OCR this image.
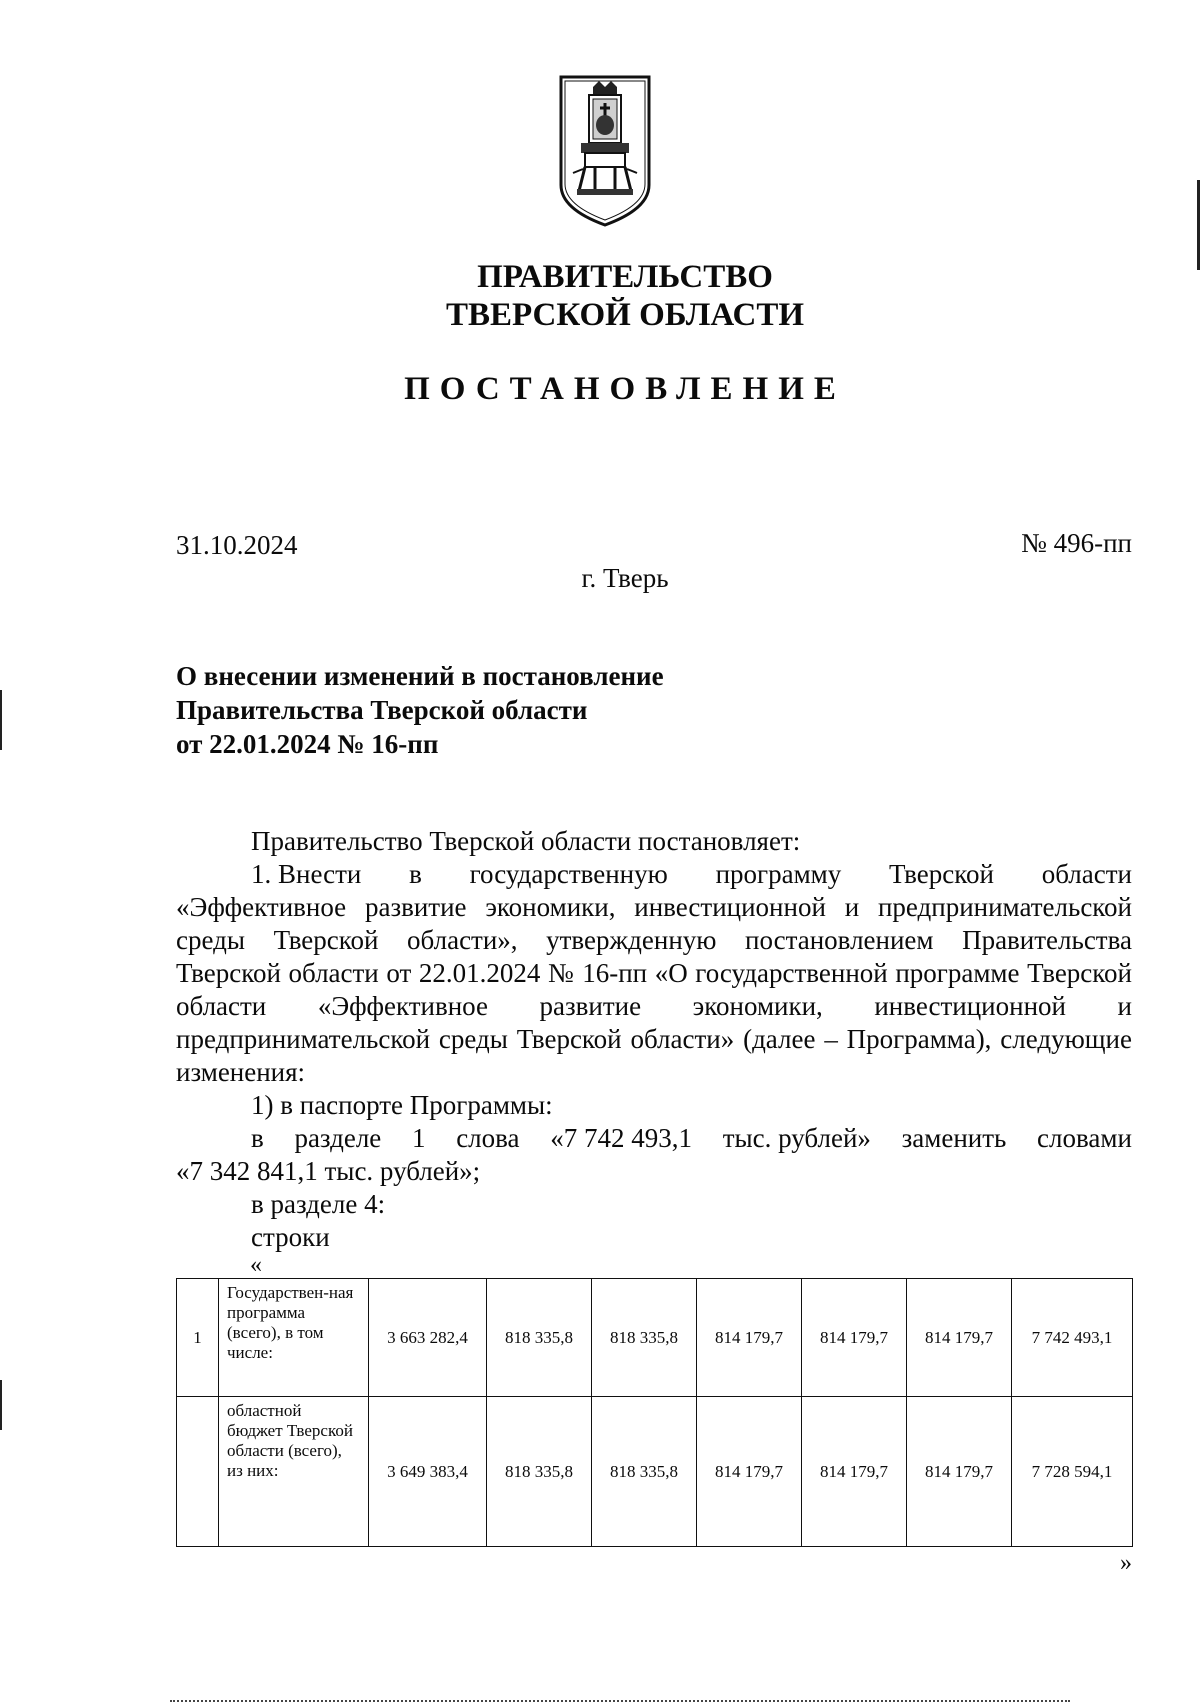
ПРАВИТЕЛЬСТВО
ТВЕРСКОЙ ОБЛАСТИ
ПОСТАНОВЛЕНИЕ
31.10.2024	№ 496-пп
г. Тверь
О внесении изменений в постановление
Правительства Тверской области
от 22.01.2024 № 16-пп

Правительство Тверской области постановляет:

1. Внести в государственную программу Тверской области

«Эффективное развитие экономики, инвестиционной и предпринимательской среды Тверской области», утвержденную постановлением Правительства Тверской области от 22.01.2024 № 16-пп «О государственной программе Тверской области «Эффективное развитие экономики, инвестиционной и предпринимательской среды Тверской области» (далее – Программа), следующие изменения:

1) в паспорте Программы:

в разделе 1 слова «7 742 493,1 тыс. рублей» заменить словами

«7 342 841,1 тыс. рублей»;

в разделе 4:

строки

«
1	Государствен-ная программа (всего), в том числе:	3 663 282,4	818 335,8	818 335,8	814 179,7	814 179,7	814 179,7	7 742 493,1
	областной бюджет Тверской области (всего), из них:	3 649 383,4	818 335,8	818 335,8	814 179,7	814 179,7	814 179,7	7 728 594,1
»
